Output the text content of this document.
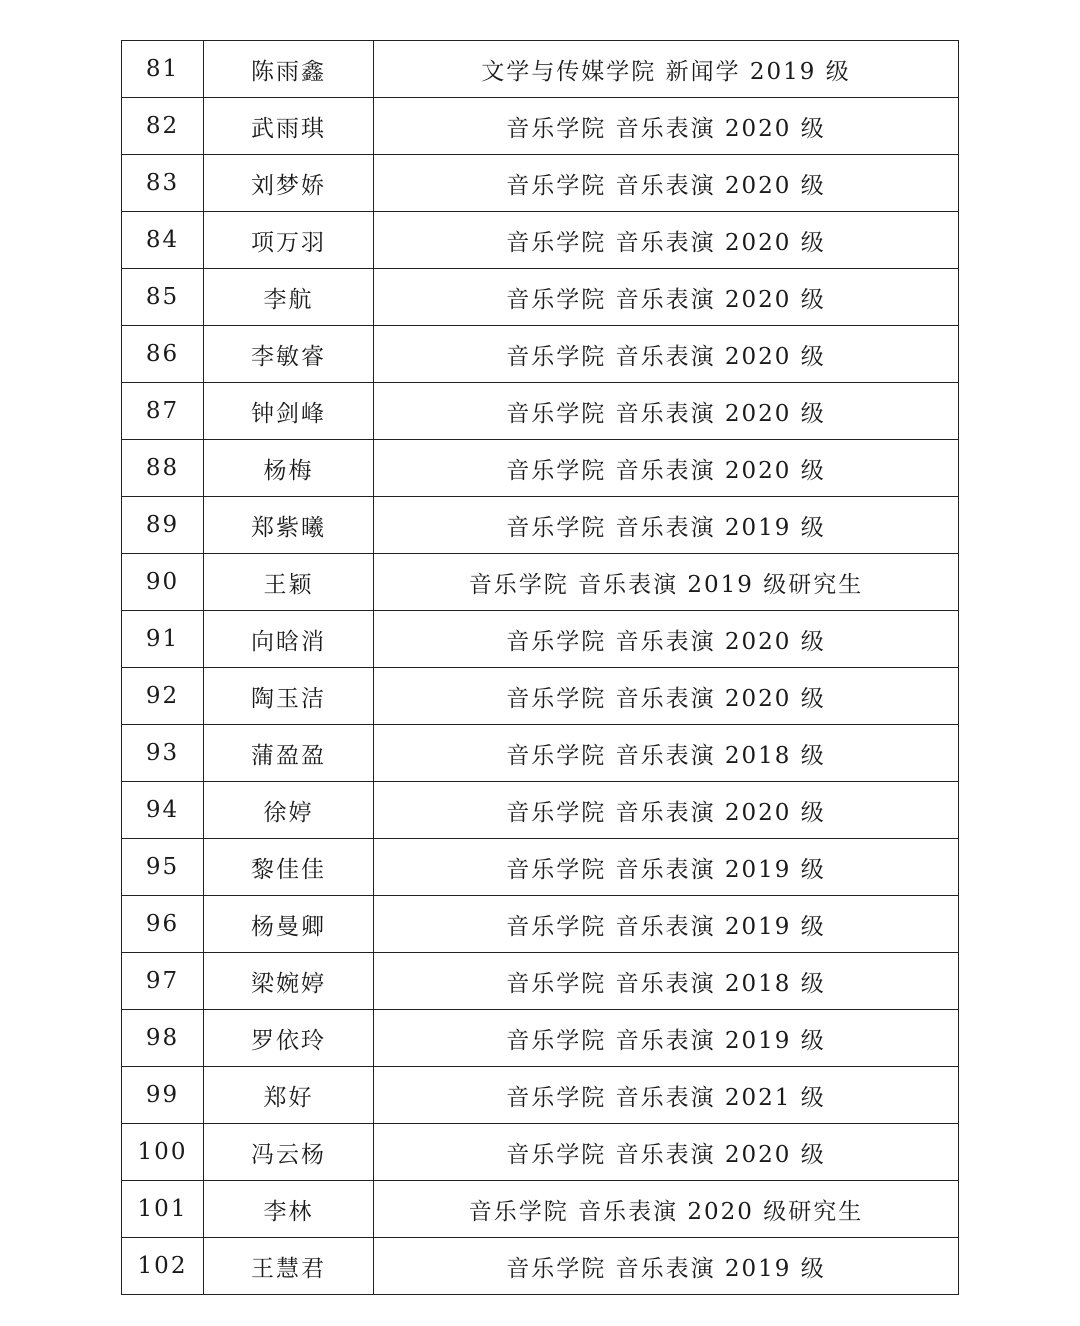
81	陈雨鑫	文学与传媒学院 新闻学 2019 级
82	武雨琪	音乐学院 音乐表演 2020 级
83	刘梦娇	音乐学院 音乐表演 2020 级
84	项万羽	音乐学院 音乐表演 2020 级
85	李航	音乐学院 音乐表演 2020 级
86	李敏睿	音乐学院 音乐表演 2020 级
87	钟剑峰	音乐学院 音乐表演 2020 级
88	杨梅	音乐学院 音乐表演 2020 级
89	郑紫曦	音乐学院 音乐表演 2019 级
90	王颖	音乐学院 音乐表演 2019 级研究生
91	向晗消	音乐学院 音乐表演 2020 级
92	陶玉洁	音乐学院 音乐表演 2020 级
93	蒲盈盈	音乐学院 音乐表演 2018 级
94	徐婷	音乐学院 音乐表演 2020 级
95	黎佳佳	音乐学院 音乐表演 2019 级
96	杨曼卿	音乐学院 音乐表演 2019 级
97	梁婉婷	音乐学院 音乐表演 2018 级
98	罗依玲	音乐学院 音乐表演 2019 级
99	郑好	音乐学院 音乐表演 2021 级
100	冯云杨	音乐学院 音乐表演 2020 级
101	李林	音乐学院 音乐表演 2020 级研究生
102	王慧君	音乐学院 音乐表演 2019 级
